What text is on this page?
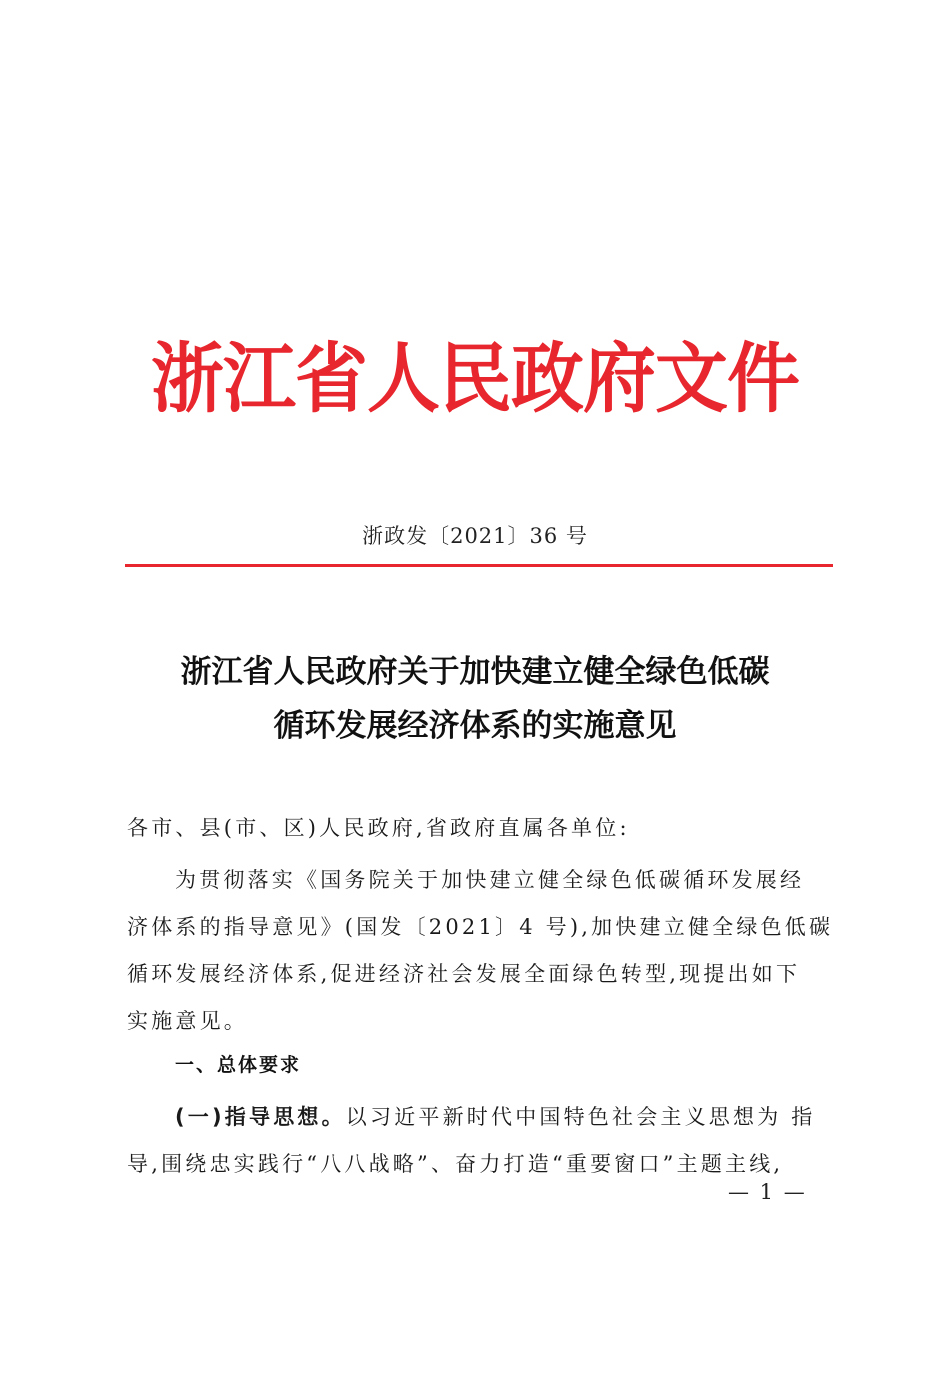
浙江省人民政府文件
浙政发〔2021〕36 号
浙江省人民政府关于加快建立健全绿色低碳
循环发展经济体系的实施意见
各市、县(市、区)人民政府,省政府直属各单位:
为贯彻落实《国务院关于加快建立健全绿色低碳循环发展经
济体系的指导意见》(国发〔2021〕4 号),加快建立健全绿色低碳
循环发展经济体系,促进经济社会发展全面绿色转型,现提出如下
实施意见。
一、总体要求
(一)指导思想。以习近平新时代中国特色社会主义思想为 指导,围绕忠实践行“八八战略”、奋力打造“重要窗口”主题主线,
— 1 —
